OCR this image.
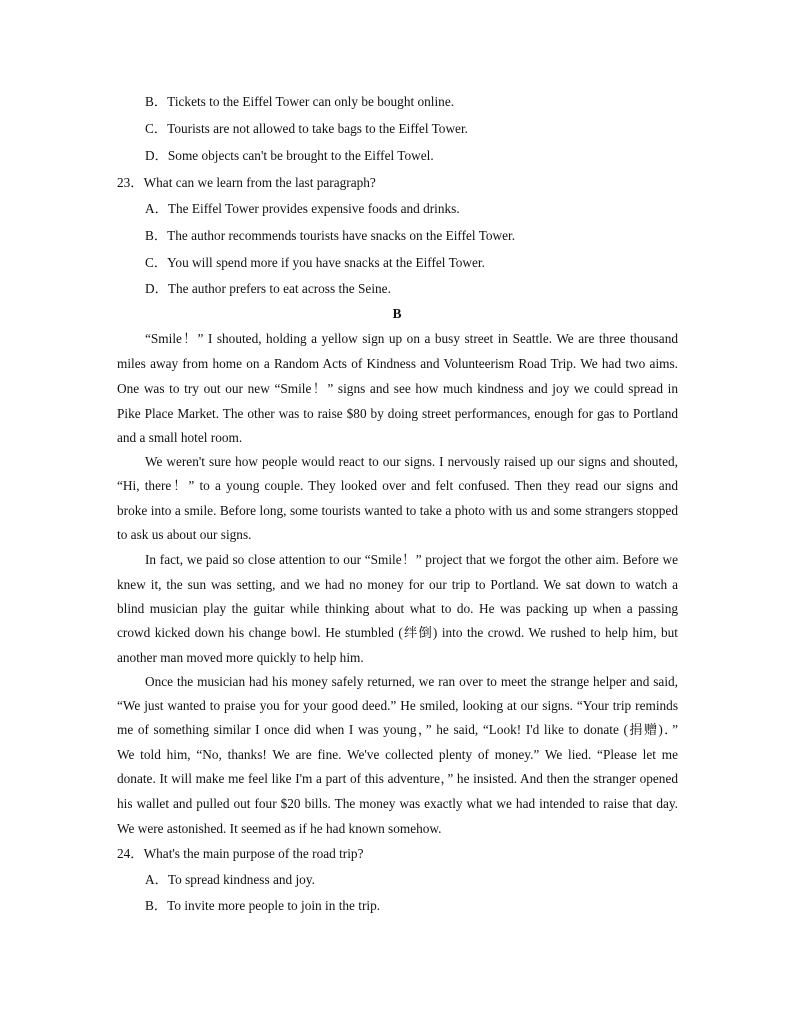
B．Tickets to the Eiffel Tower can only be bought online.
C．Tourists are not allowed to take bags to the Eiffel Tower.
D．Some objects can't be brought to the Eiffel Towel.
23．What can we learn from the last paragraph?
A．The Eiffel Tower provides expensive foods and drinks.
B．The author recommends tourists have snacks on the Eiffel Tower.
C．You will spend more if you have snacks at the Eiffel Tower.
D．The author prefers to eat across the Seine.
B
“Smile！” I shouted, holding a yellow sign up on a busy street in Seattle. We are three thousand
miles away from home on a Random Acts of Kindness and Volunteerism Road Trip. We had two aims.
One was to try out our new “Smile！” signs and see how much kindness and joy we could spread in
Pike Place Market. The other was to raise $80 by doing street performances, enough for gas to Portland
and a small hotel room.
We weren't sure how people would react to our signs. I nervously raised up our signs and shouted,
“Hi, there！” to a young couple. They looked over and felt confused. Then they read our signs and
broke into a smile. Before long, some tourists wanted to take a photo with us and some strangers stopped
to ask us about our signs.
In fact, we paid so close attention to our “Smile！” project that we forgot the other aim. Before we
knew it, the sun was setting, and we had no money for our trip to Portland. We sat down to watch a
blind musician play the guitar while thinking about what to do. He was packing up when a passing
crowd kicked down his change bowl. He stumbled (绊倒) into the crowd. We rushed to help him, but
another man moved more quickly to help him.
Once the musician had his money safely returned, we ran over to meet the strange helper and said,
“We just wanted to praise you for your good deed.” He smiled, looking at our signs. “Your trip reminds
me of something similar I once did when I was young，” he said, “Look! I'd like to donate (捐赠)．”
We told him, “No, thanks! We are fine. We've collected plenty of money.” We lied. “Please let me
donate. It will make me feel like I'm a part of this adventure，” he insisted. And then the stranger opened
his wallet and pulled out four $20 bills. The money was exactly what we had intended to raise that day.
We were astonished. It seemed as if he had known somehow.
24．What's the main purpose of the road trip?
A．To spread kindness and joy.
B．To invite more people to join in the trip.
